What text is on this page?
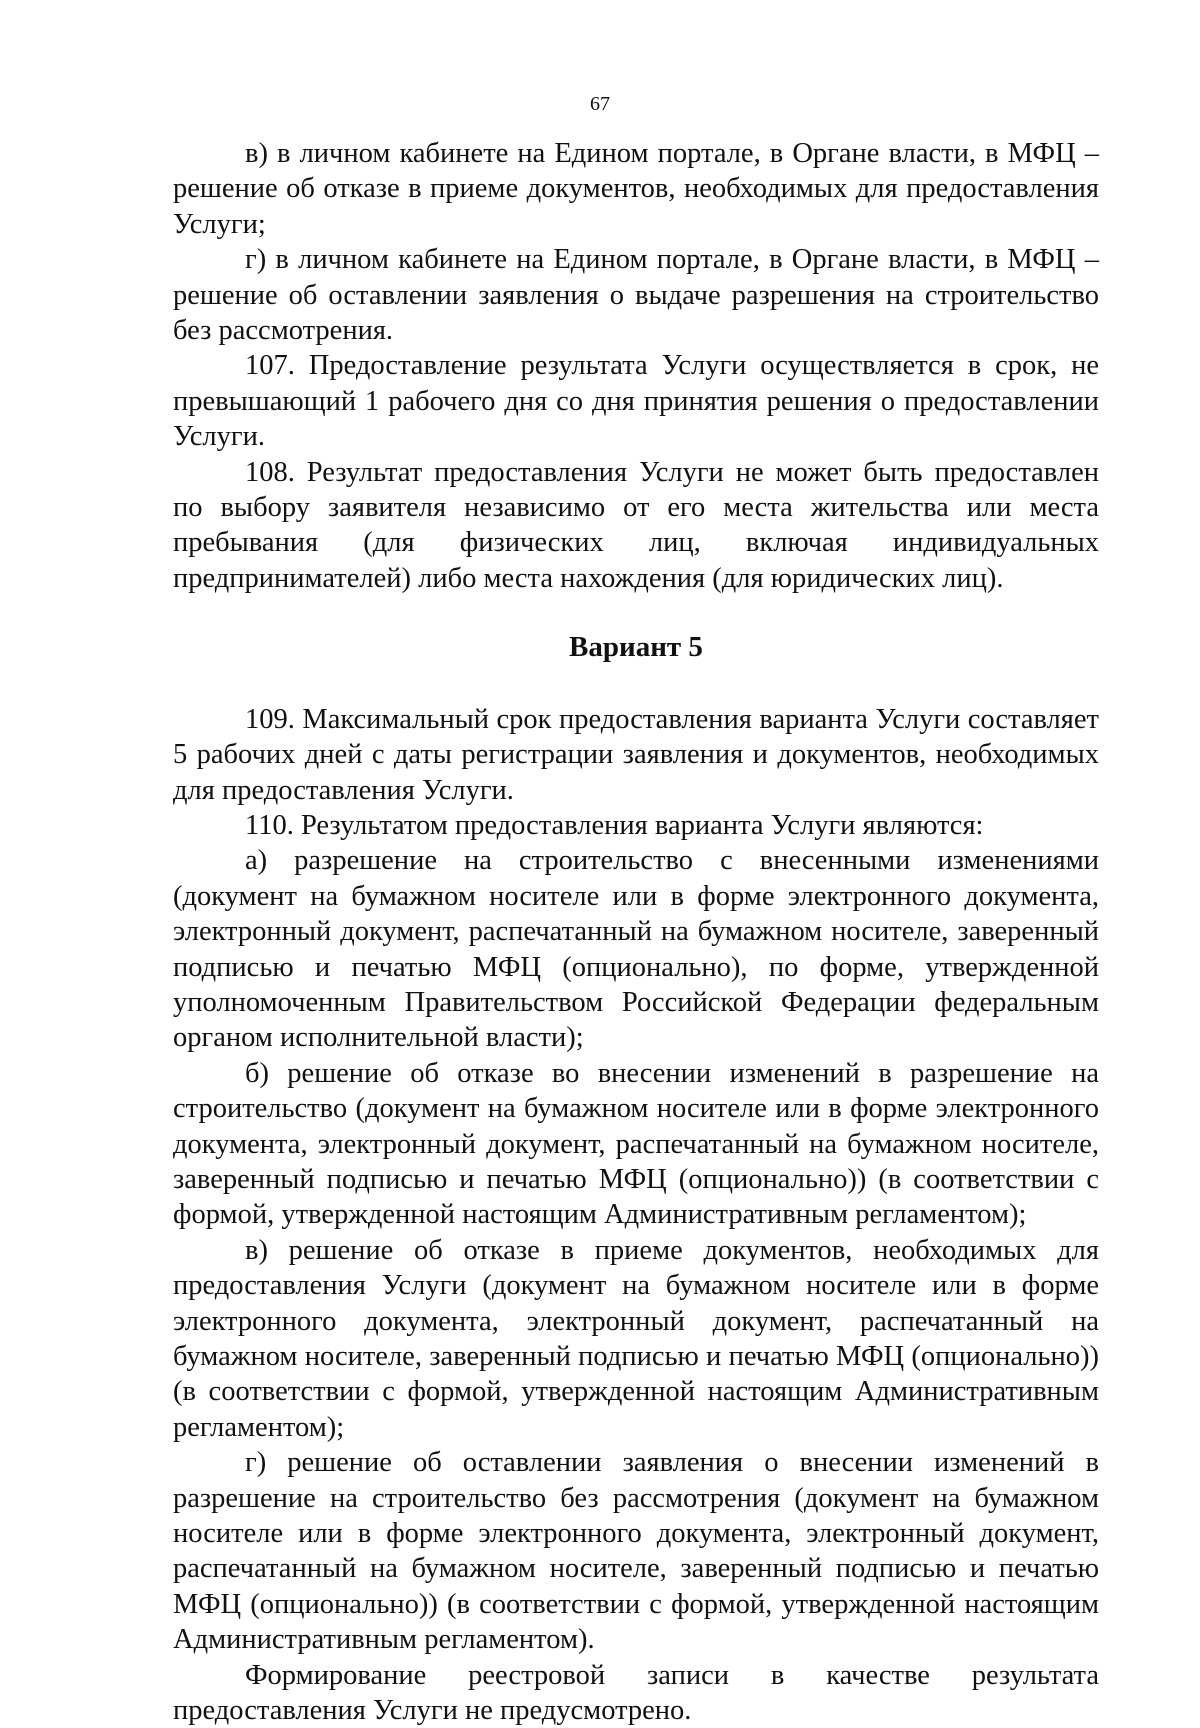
67

в) в личном кабинете на Едином портале, в Органе власти, в МФЦ – решение об отказе в приеме документов, необходимых для предоставления Услуги;

г) в личном кабинете на Едином портале, в Органе власти, в МФЦ – решение об оставлении заявления о выдаче разрешения на строительство без рассмотрения.

107. Предоставление результата Услуги осуществляется в срок, не превышающий 1 рабочего дня со дня принятия решения о предоставлении Услуги.

108. Результат предоставления Услуги не может быть предоставлен по выбору заявителя независимо от его места жительства или места пребывания (для физических лиц, включая индивидуальных предпринимателей) либо места нахождения (для юридических лиц).

Вариант 5

109. Максимальный срок предоставления варианта Услуги составляет 5 рабочих дней с даты регистрации заявления и документов, необходимых для предоставления Услуги.

110. Результатом предоставления варианта Услуги являются:

а) разрешение на строительство с внесенными изменениями (документ на бумажном носителе или в форме электронного документа, электронный документ, распечатанный на бумажном носителе, заверенный подписью и печатью МФЦ (опционально), по форме, утвержденной уполномоченным Правительством Российской Федерации федеральным органом исполнительной власти);

б) решение об отказе во внесении изменений в разрешение на строительство (документ на бумажном носителе или в форме электронного документа, электронный документ, распечатанный на бумажном носителе, заверенный подписью и печатью МФЦ (опционально)) (в соответствии с формой, утвержденной настоящим Административным регламентом);

в) решение об отказе в приеме документов, необходимых для предоставления Услуги (документ на бумажном носителе или в форме электронного документа, электронный документ, распечатанный на бумажном носителе, заверенный подписью и печатью МФЦ (опционально)) (в соответствии с формой, утвержденной настоящим Административным регламентом);

г) решение об оставлении заявления о внесении изменений в разрешение на строительство без рассмотрения (документ на бумажном носителе или в форме электронного документа, электронный документ, распечатанный на бумажном носителе, заверенный подписью и печатью МФЦ (опционально)) (в соответствии с формой, утвержденной настоящим Административным регламентом).

Формирование реестровой записи в качестве результата предоставления Услуги не предусмотрено.
